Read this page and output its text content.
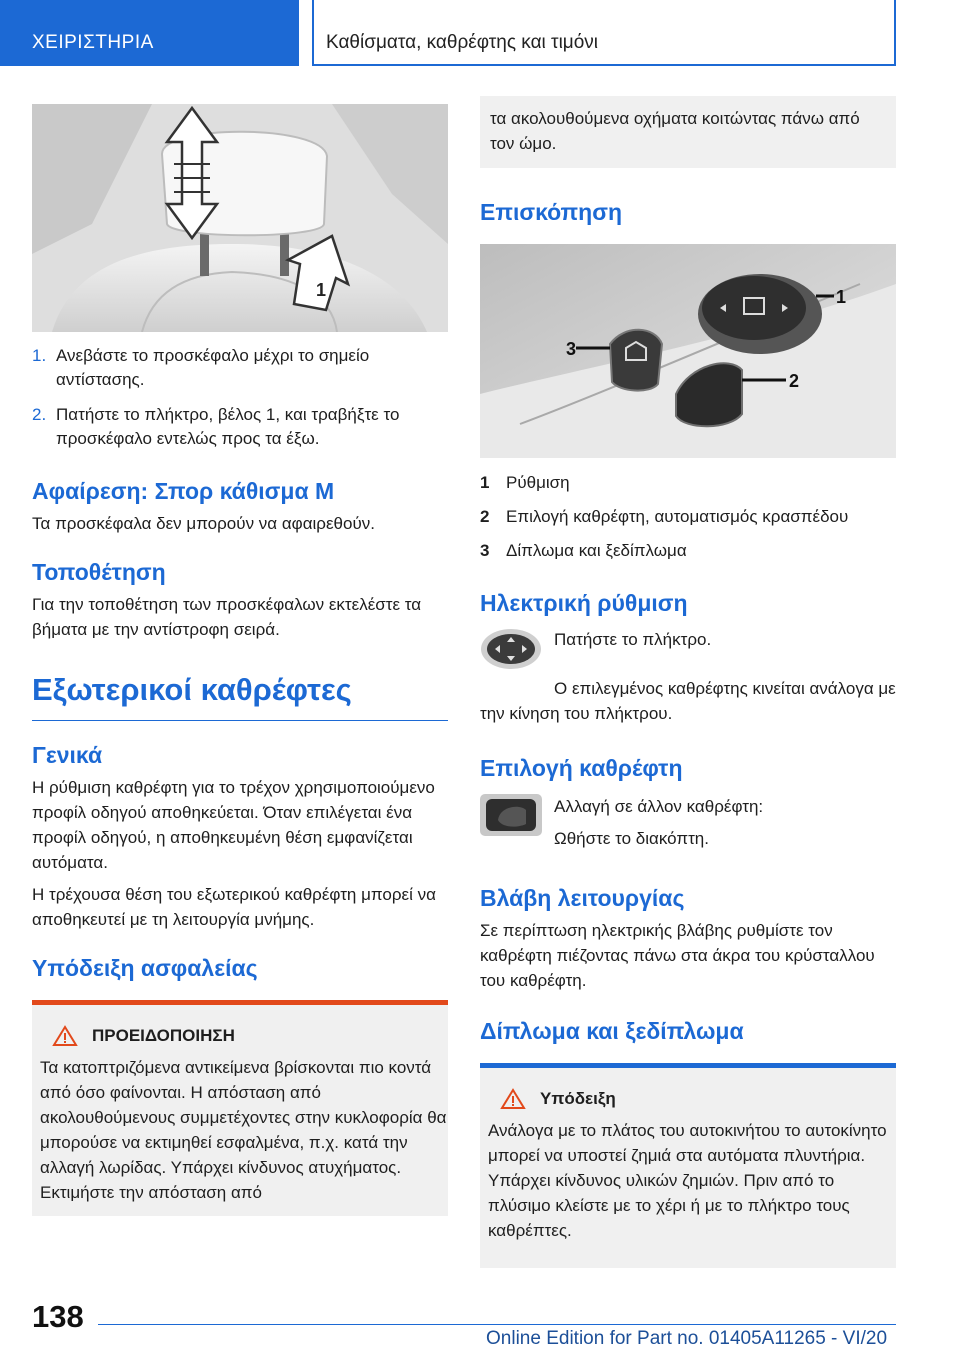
ΧΕΙΡΙΣΤΗΡΙΑ	Καθίσματα, καθρέφτης και τιμόνι
1
1. Ανεβάστε το προσκέφαλο μέχρι το σημείο αντίστασης.
2. Πατήστε το πλήκτρο, βέλος 1, και τραβήξτε το προσκέφαλο εντελώς προς τα έξω.
Αφαίρεση: Σπορ κάθισμα M

Τα προσκέφαλα δεν μπορούν να αφαιρεθούν.

Τοποθέτηση

Για την τοποθέτηση των προσκέφαλων εκτελέστε τα βήματα με την αντίστροφη σειρά.

Εξωτερικοί καθρέφτες
Γενικά

Η ρύθμιση καθρέφτη για το τρέχον χρησιμοποιούμενο προφίλ οδηγού αποθηκεύεται. Όταν επιλέγεται ένα προφίλ οδηγού, η αποθηκευμένη θέση εμφανίζεται αυτόματα.

Η τρέχουσα θέση του εξωτερικού καθρέφτη μπορεί να αποθηκευτεί με τη λειτουργία μνήμης.

Υπόδειξη ασφαλείας
ΠΡΟΕΙΔΟΠΟΙΗΣΗ

Τα κατοπτριζόμενα αντικείμενα βρίσκονται πιο κοντά από όσο φαίνονται. Η απόσταση από ακολουθούμενους συμμετέχοντες στην κυκλοφορία θα μπορούσε να εκτιμηθεί εσφαλμένα, π.χ. κατά την αλλαγή λωρίδας. Υπάρχει κίνδυνος ατυχήματος. Εκτιμήστε την απόσταση από

τα ακολουθούμενα οχήματα κοιτώντας πάνω από τον ώμο.
Επισκόπηση
1
2
3
1 Ρύθμιση
2 Επιλογή καθρέφτη, αυτοματισμός κρασπέδου
3 Δίπλωμα και ξεδίπλωμα
Ηλεκτρική ρύθμιση

Πατήστε το πλήκτρο.

Ο επιλεγμένος καθρέφτης κινείται ανάλογα με την κίνηση του πλήκτρου.

Επιλογή καθρέφτη

Αλλαγή σε άλλον καθρέφτη:

Ωθήστε το διακόπτη.

Βλάβη λειτουργίας

Σε περίπτωση ηλεκτρικής βλάβης ρυθμίστε τον καθρέφτη πιέζοντας πάνω στα άκρα του κρύσταλλου του καθρέφτη.

Δίπλωμα και ξεδίπλωμα
Υπόδειξη

Ανάλογα με το πλάτος του αυτοκινήτου το αυτοκίνητο μπορεί να υποστεί ζημιά στα αυτόματα πλυντήρια. Υπάρχει κίνδυνος υλικών ζημιών. Πριν από το πλύσιμο κλείστε με το χέρι ή με το πλήκτρο τους καθρέπτες.

138
Online Edition for Part no. 01405A11265 - VI/20
